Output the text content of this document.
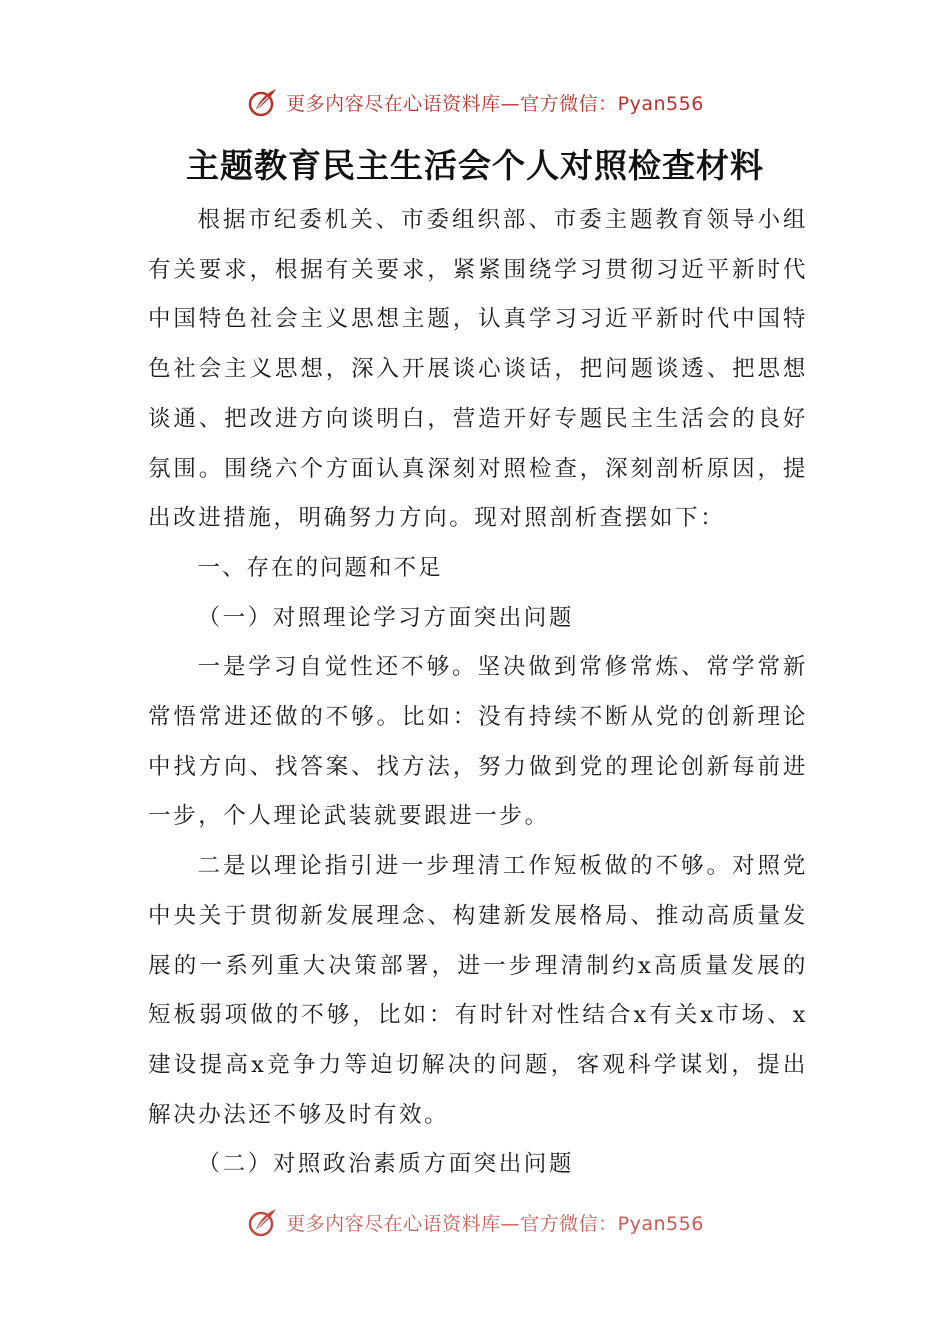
更多内容尽在心语资料库—官方微信：Pyan556
主题教育民主生活会个人对照检查材料

根据市纪委机关、市委组织部、市委主题教育领导小组有关要求，根据有关要求，紧紧围绕学习贯彻习近平新时代中国特色社会主义思想主题，认真学习习近平新时代中国特色社会主义思想，深入开展谈心谈话，把问题谈透、把思想谈通、把改进方向谈明白，营造开好专题民主生活会的良好氛围。围绕六个方面认真深刻对照检查，深刻剖析原因，提出改进措施，明确努力方向。现对照剖析查摆如下：

一、存在的问题和不足

（一）对照理论学习方面突出问题

一是学习自觉性还不够。坚决做到常修常炼、常学常新常悟常进还做的不够。比如：没有持续不断从党的创新理论中找方向、找答案、找方法，努力做到党的理论创新每前进一步，个人理论武装就要跟进一步。

二是以理论指引进一步理清工作短板做的不够。对照党中央关于贯彻新发展理念、构建新发展格局、推动高质量发展的一系列重大决策部署，进一步理清制约x高质量发展的短板弱项做的不够，比如：有时针对性结合x有关x市场、x建设提高x竞争力等迫切解决的问题，客观科学谋划，提出解决办法还不够及时有效。

（二）对照政治素质方面突出问题

更多内容尽在心语资料库—官方微信：Pyan556
